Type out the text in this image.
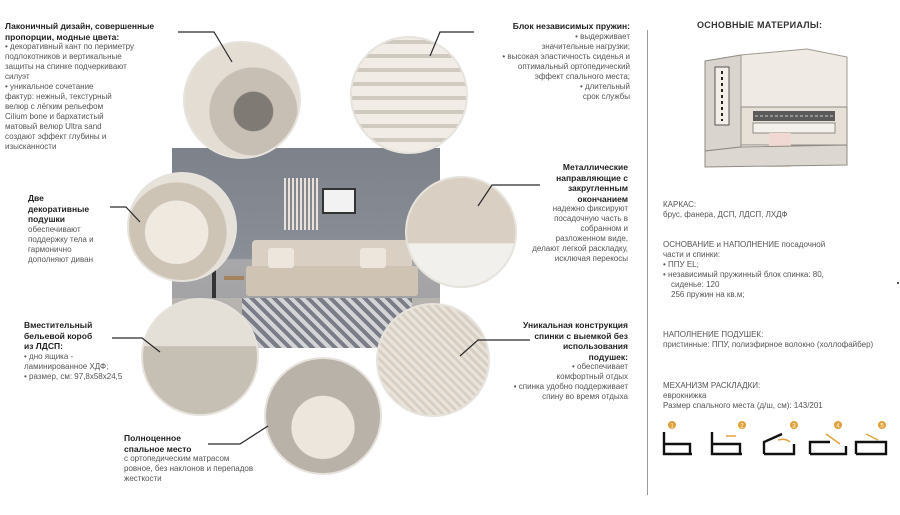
Лаконичный дизайн, совершенные
пропорции, модные цвета:
• декоративный кант по периметру
подлокотников и вертикальные
защиты на спинке подчеркивают
силуэт
• уникальное сочетание
фактур: нежный, текстурный
велюр с лёгким рельефом
Cilium bone и бархатистый
матовый велюр Ultra sand
создают эффект глубины и
изысканности
Блок независимых пружин:
• выдерживает
значительные нагрузки;
• высокая эластичность сиденья и
оптимальный ортопедический
эффект спального места;
• длительный
срок службы
Две
декоративные
подушки
обеспечивают
поддержку тела и
гармонично
дополняют диван
Металлические
направляющие с
закругленным
окончанием
надежно фиксируют
посадочную часть в
собранном и
разложенном виде,
делают легкой раскладку,
исключая перекосы
Вместительный
бельевой короб
из ЛДСП:
• дно ящика -
ламинированное ХДФ;
• размер, см: 97,8x58x24,5
Уникальная конструкция
спинки с выемкой без
использования
подушек:
• обеспечивает
комфортный отдых
• спинка удобно поддерживает
спину во время отдыха
Полноценное
спальное место
с ортопедическим матрасом
ровное, без наклонов и перепадов
жесткости
ОСНОВНЫЕ МАТЕРИАЛЫ:
КАРКАС:
брус, фанера, ДСП, ЛДСП, ЛХДФ
ОСНОВАНИЕ и НАПОЛНЕНИЕ посадочной
части и спинки:
• ППУ EL;
• независимый пружинный блок спинка: 80,
сиденье: 120
256 пружин на кв.м;
НАПОЛНЕНИЕ ПОДУШЕК:
пристинные: ППУ, полиэфирное волокно (холлофайбер)
МЕХАНИЗМ РАСКЛАДКИ:
еврокнижка
Размер спального места (д/ш, см): 143/201
1	2	3	4	5
